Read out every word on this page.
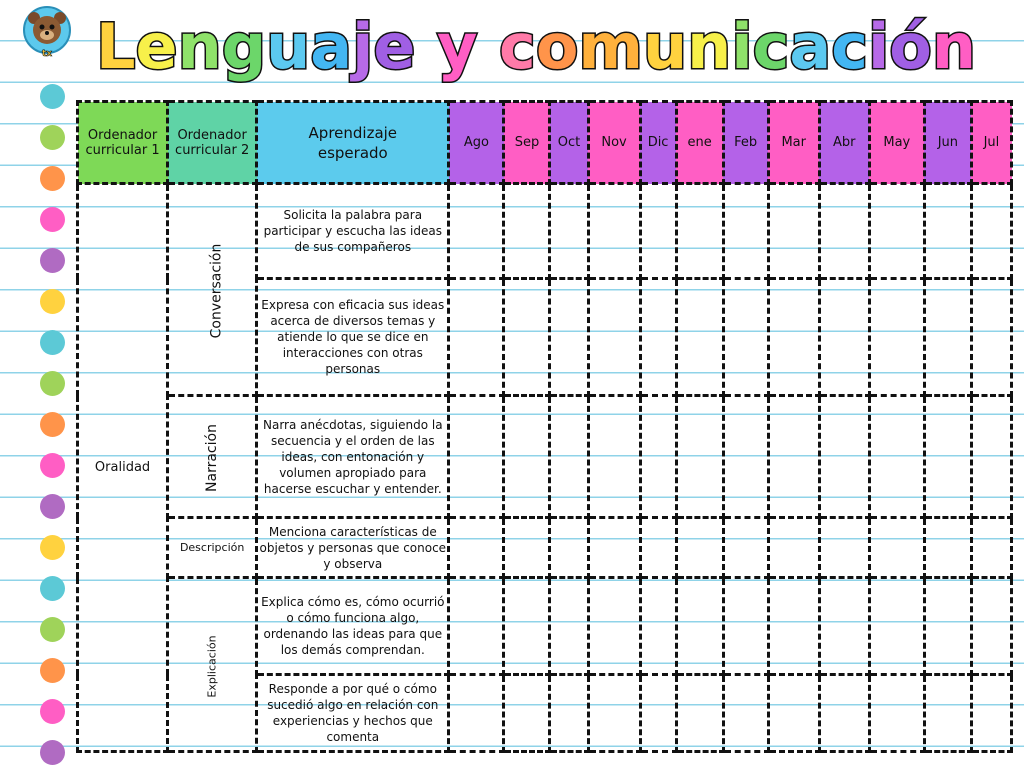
tx Lenguaje y comunicación
Ordenador curricular 1	Ordenador curricular 2	Aprendizaje esperado	Ago	Sep	Oct	Nov	Dic	ene	Feb	Mar	Abr	May	Jun	Jul
Oralidad	Conversación	Solicita la palabra para participar y escucha las ideas de sus compañeros												
		Expresa con eficacia sus ideas acerca de diversos temas y atiende lo que se dice en interacciones con otras personas												
	Narración	Narra anécdotas, siguiendo la secuencia y el orden de las ideas, con entonación y volumen apropiado para hacerse escuchar y entender.												
	Descripción	Menciona características de objetos y personas que conoce y observa												
	Explicación	Explica cómo es, cómo ocurrió o cómo funciona algo, ordenando las ideas para que los demás comprendan.												
		Responde a por qué o cómo sucedió algo en relación con experiencias y hechos que comenta												
